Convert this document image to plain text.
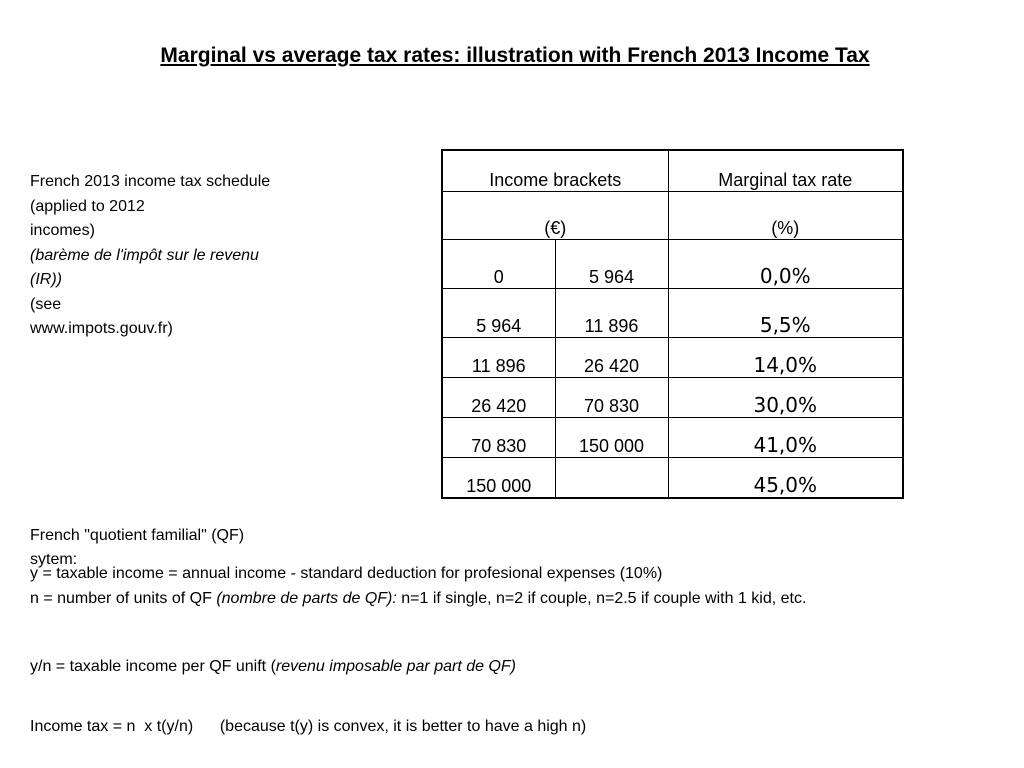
Marginal vs average tax rates: illustration with French 2013 Income Tax
French 2013 income tax schedule
(applied to 2012
incomes)
(barème de l'impôt sur le revenu
(IR))
(see
www.impots.gouv.fr)
Income brackets		Marginal tax rate
(€)		(%)
0	5 964	0,0%
5 964	11 896	5,5%
11 896	26 420	14,0%
26 420	70 830	30,0%
70 830	150 000	41,0%
150 000		45,0%

French "quotient familial" (QF)
sytem:

y = taxable income = annual income - standard deduction for profesional expenses (10%)
n = number of units of QF (nombre de parts de QF): n=1 if single, n=2 if couple, n=2.5 if couple with 1 kid, etc.
y/n = taxable income per QF unift (revenu imposable par part de QF)
Income tax = n  x t(y/n)      (because t(y) is convex, it is better to have a high n)
